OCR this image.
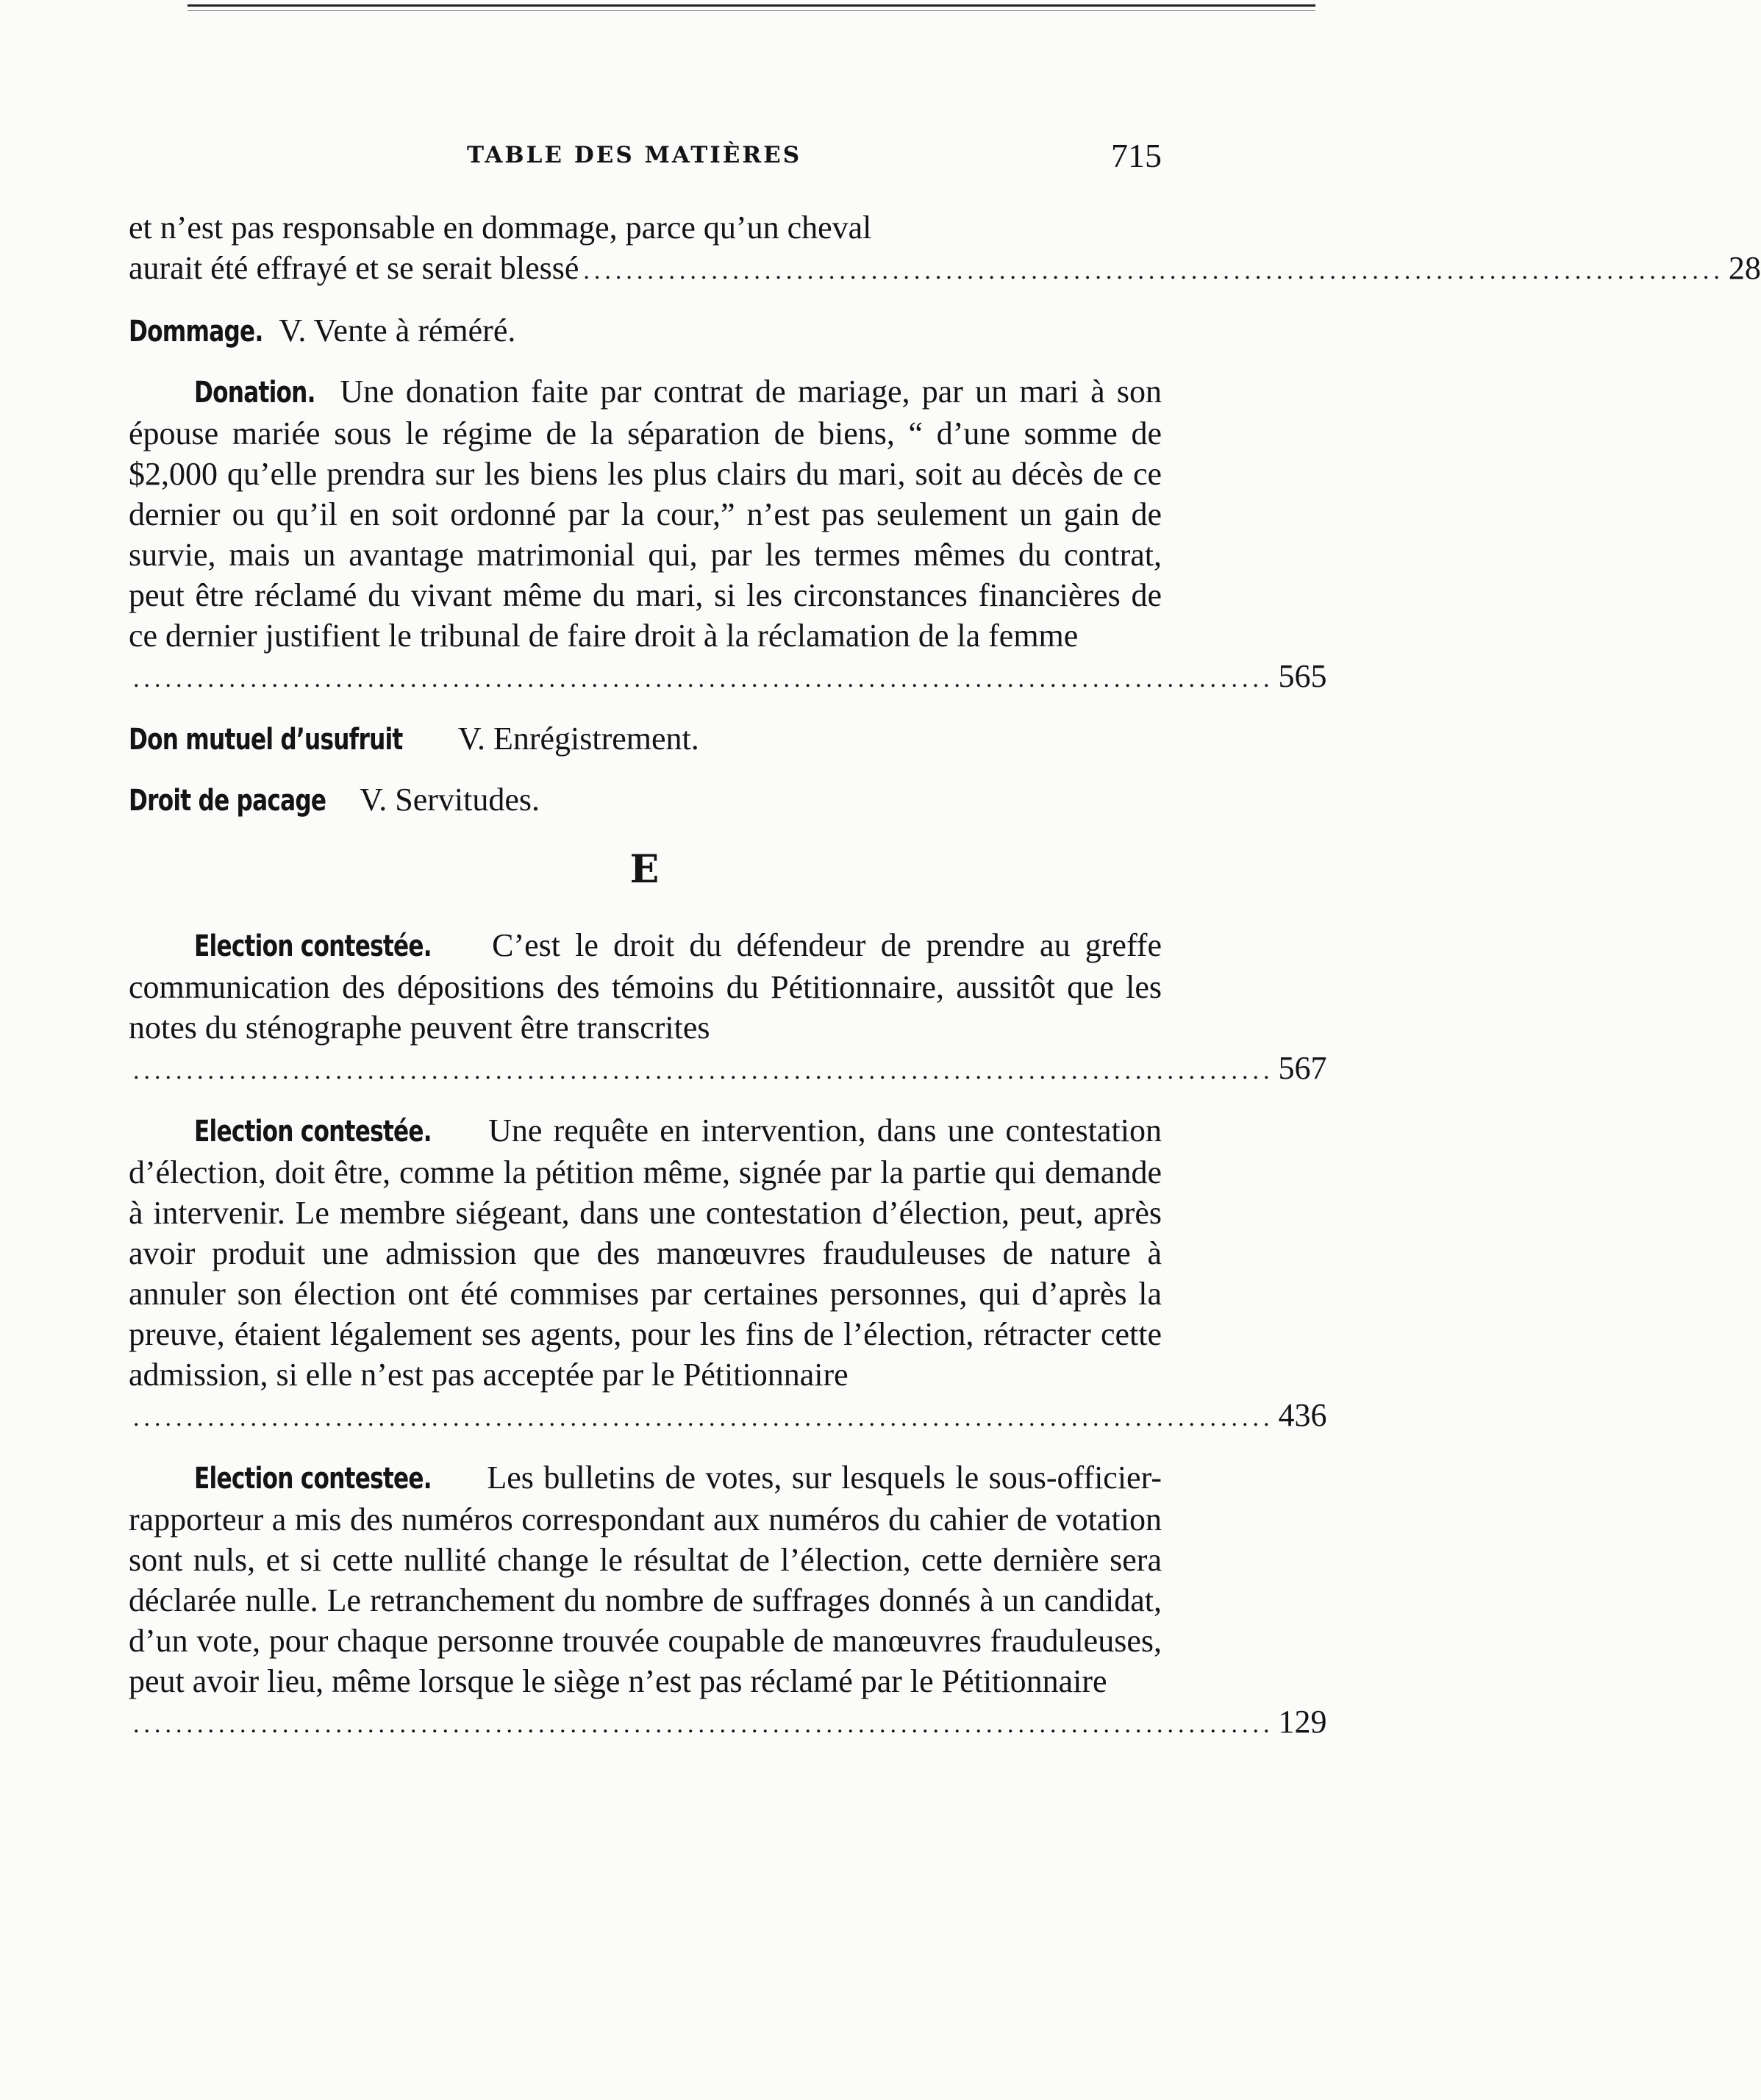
TABLE DES MATIÈRES	715
et n’est pas responsable en dommage, parce qu’un cheval
aurait été effrayé et se serait blessé ........................................................................................................... 28
Dommage. V. Vente à réméré.
Donation. Une donation faite par contrat de mariage, par un mari à son épouse mariée sous le régime de la séparation de biens, “ d’une somme de $2,000 qu’elle prendra sur les biens les plus clairs du mari, soit au décès de ce dernier ou qu’il en soit ordonné par la cour,” n’est pas seulement un gain de survie, mais un avantage matrimonial qui, par les termes mêmes du contrat, peut être réclamé du vivant même du mari, si les circonstances financières de ce dernier justifient le tribunal de faire droit à la réclamation de la femme
........................................................................................................... 565
Don mutuel d’usufruit V. Enrégistrement.
Droit de pacage V. Servitudes.
E
Election contestée. C’est le droit du défendeur de prendre au greffe communication des dépositions des témoins du Pétitionnaire, aussitôt que les notes du sténographe peuvent être transcrites
........................................................................................................... 567
Election contestée. Une requête en intervention, dans une contestation d’élection, doit être, comme la pétition même, signée par la partie qui demande à intervenir. Le membre siégeant, dans une contestation d’élection, peut, après avoir produit une admission que des manœuvres frauduleuses de nature à annuler son élection ont été commises par certaines personnes, qui d’après la preuve, étaient légalement ses agents, pour les fins de l’élection, rétracter cette admission, si elle n’est pas acceptée par le Pétitionnaire
........................................................................................................... 436
Election contestee. Les bulletins de votes, sur lesquels le sous-officier-rapporteur a mis des numéros correspondant aux numéros du cahier de votation sont nuls, et si cette nullité change le résultat de l’élection, cette dernière sera déclarée nulle. Le retranchement du nombre de suffrages donnés à un candidat, d’un vote, pour chaque personne trouvée coupable de manœuvres frauduleuses, peut avoir lieu, même lorsque le siège n’est pas réclamé par le Pétitionnaire
........................................................................................................... 129
